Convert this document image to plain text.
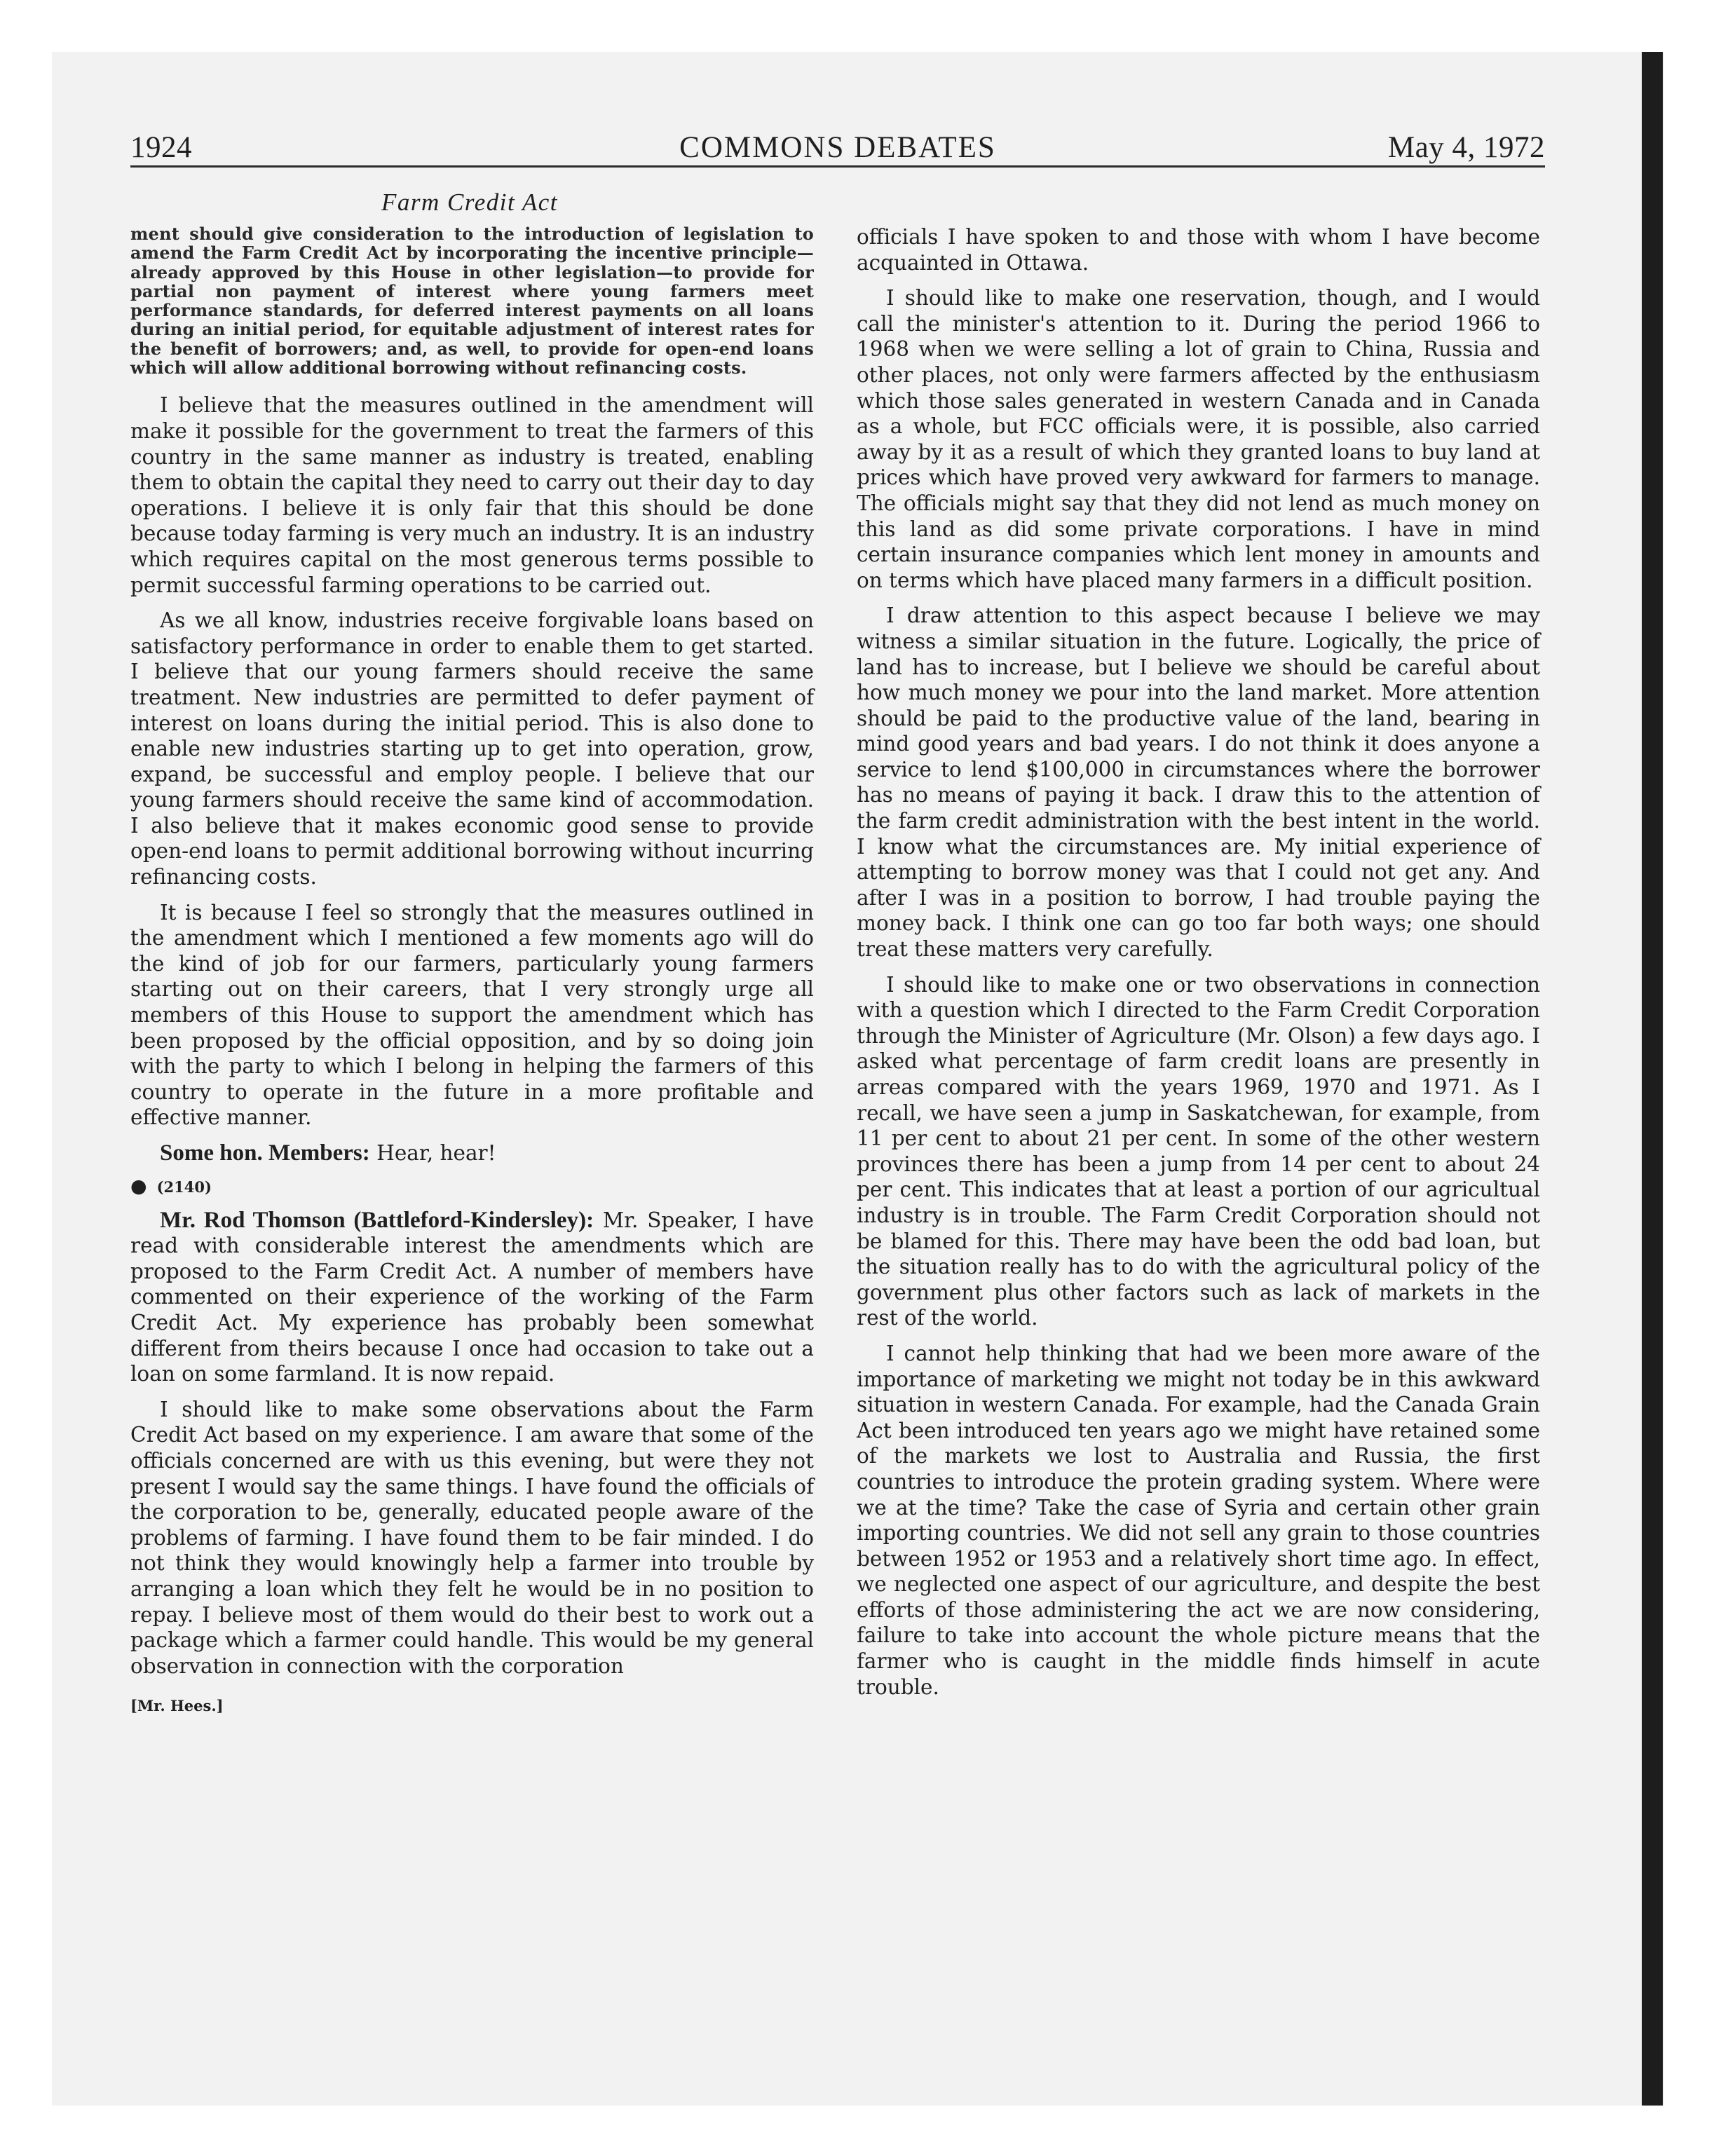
1924	COMMONS DEBATES	May 4, 1972
Farm Credit Act

ment should give consideration to the introduction of legislation to amend the Farm Credit Act by incorporating the incentive principle—already approved by this House in other legislation—to provide for partial non payment of interest where young farmers meet performance standards, for deferred interest payments on all loans during an initial period, for equitable adjustment of interest rates for the benefit of borrowers; and, as well, to provide for open-end loans which will allow additional borrowing without refinancing costs.

I believe that the measures outlined in the amendment will make it possible for the government to treat the farmers of this country in the same manner as industry is treated, enabling them to obtain the capital they need to carry out their day to day operations. I believe it is only fair that this should be done because today farming is very much an industry. It is an industry which requires capital on the most generous terms possible to permit successful farming operations to be carried out.

As we all know, industries receive forgivable loans based on satisfactory performance in order to enable them to get started. I believe that our young farmers should receive the same treatment. New industries are permitted to defer payment of interest on loans during the initial period. This is also done to enable new industries starting up to get into operation, grow, expand, be successful and employ people. I believe that our young farmers should receive the same kind of accommodation. I also believe that it makes economic good sense to provide open-end loans to permit additional borrowing without incurring refinancing costs.

It is because I feel so strongly that the measures outlined in the amendment which I mentioned a few moments ago will do the kind of job for our farmers, particularly young farmers starting out on their careers, that I very strongly urge all members of this House to support the amendment which has been proposed by the official opposition, and by so doing join with the party to which I belong in helping the farmers of this country to operate in the future in a more profitable and effective manner.

Some hon. Members: Hear, hear!

● (2140)

Mr. Rod Thomson (Battleford-Kindersley): Mr. Speaker, I have read with considerable interest the amendments which are proposed to the Farm Credit Act. A number of members have commented on their experience of the working of the Farm Credit Act. My experience has probably been somewhat different from theirs because I once had occasion to take out a loan on some farmland. It is now repaid.

I should like to make some observations about the Farm Credit Act based on my experience. I am aware that some of the officials concerned are with us this evening, but were they not present I would say the same things. I have found the officials of the corporation to be, generally, educated people aware of the problems of farming. I have found them to be fair minded. I do not think they would knowingly help a farmer into trouble by arranging a loan which they felt he would be in no position to repay. I believe most of them would do their best to work out a package which a farmer could handle. This would be my general observation in connection with the corporation

[Mr. Hees.]

officials I have spoken to and those with whom I have become acquainted in Ottawa.

I should like to make one reservation, though, and I would call the minister's attention to it. During the period 1966 to 1968 when we were selling a lot of grain to China, Russia and other places, not only were farmers affected by the enthusiasm which those sales generated in western Canada and in Canada as a whole, but FCC officials were, it is possible, also carried away by it as a result of which they granted loans to buy land at prices which have proved very awkward for farmers to manage. The officials might say that they did not lend as much money on this land as did some private corporations. I have in mind certain insurance companies which lent money in amounts and on terms which have placed many farmers in a difficult position.

I draw attention to this aspect because I believe we may witness a similar situation in the future. Logically, the price of land has to increase, but I believe we should be careful about how much money we pour into the land market. More attention should be paid to the productive value of the land, bearing in mind good years and bad years. I do not think it does anyone a service to lend $100,000 in circumstances where the borrower has no means of paying it back. I draw this to the attention of the farm credit administration with the best intent in the world. I know what the circumstances are. My initial experience of attempting to borrow money was that I could not get any. And after I was in a position to borrow, I had trouble paying the money back. I think one can go too far both ways; one should treat these matters very carefully.

I should like to make one or two observations in connection with a question which I directed to the Farm Credit Corporation through the Minister of Agriculture (Mr. Olson) a few days ago. I asked what percentage of farm credit loans are presently in arreas compared with the years 1969, 1970 and 1971. As I recall, we have seen a jump in Saskatchewan, for example, from 11 per cent to about 21 per cent. In some of the other western provinces there has been a jump from 14 per cent to about 24 per cent. This indicates that at least a portion of our agricultual industry is in trouble. The Farm Credit Corporation should not be blamed for this. There may have been the odd bad loan, but the situation really has to do with the agricultural policy of the government plus other factors such as lack of markets in the rest of the world.

I cannot help thinking that had we been more aware of the importance of marketing we might not today be in this awkward situation in western Canada. For example, had the Canada Grain Act been introduced ten years ago we might have retained some of the markets we lost to Australia and Russia, the first countries to introduce the protein grading system. Where were we at the time? Take the case of Syria and certain other grain importing countries. We did not sell any grain to those countries between 1952 or 1953 and a relatively short time ago. In effect, we neglected one aspect of our agriculture, and despite the best efforts of those administering the act we are now considering, failure to take into account the whole picture means that the farmer who is caught in the middle finds himself in acute trouble.
